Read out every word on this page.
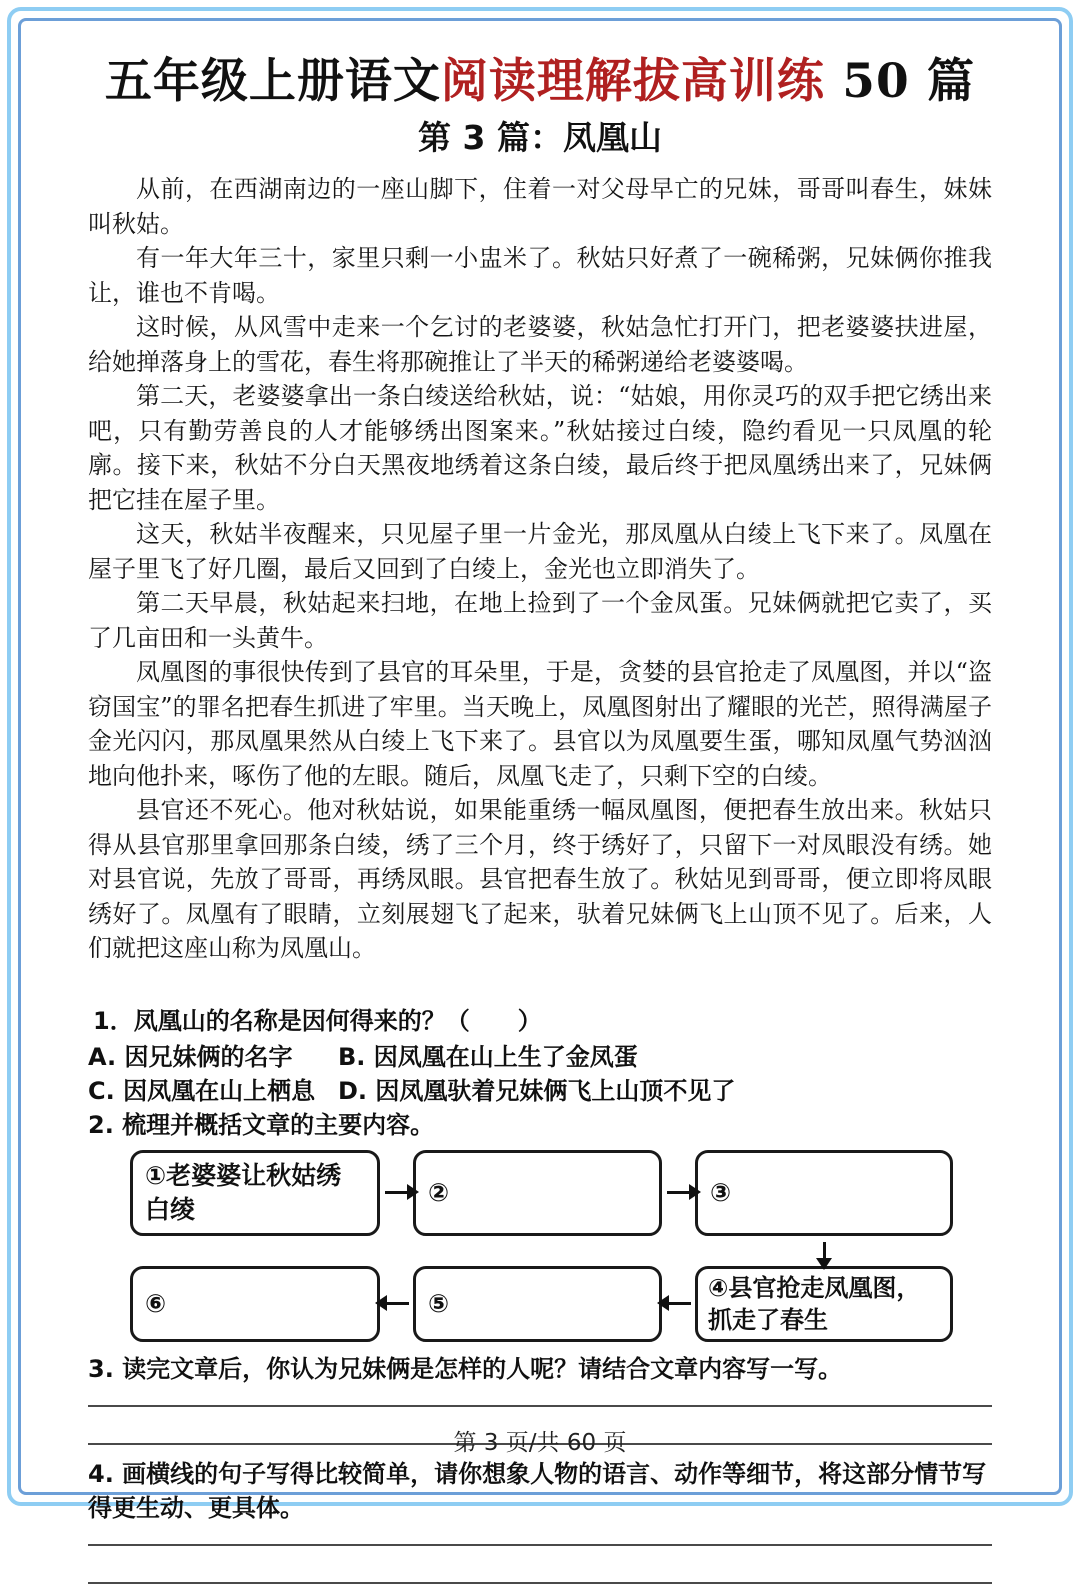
五年级上册语文阅读理解拔高训练 50 篇
第 3 篇：凤凰山

从前，在西湖南边的一座山脚下，住着一对父母早亡的兄妹，哥哥叫春生，妹妹叫秋姑。

有一年大年三十，家里只剩一小盅米了。秋姑只好煮了一碗稀粥，兄妹俩你推我让，谁也不肯喝。

这时候，从风雪中走来一个乞讨的老婆婆，秋姑急忙打开门，把老婆婆扶进屋，给她掸落身上的雪花，春生将那碗推让了半天的稀粥递给老婆婆喝。

第二天，老婆婆拿出一条白绫送给秋姑，说：“姑娘，用你灵巧的双手把它绣出来吧，只有勤劳善良的人才能够绣出图案来。”秋姑接过白绫，隐约看见一只凤凰的轮廓。接下来，秋姑不分白天黑夜地绣着这条白绫，最后终于把凤凰绣出来了，兄妹俩把它挂在屋子里。

这天，秋姑半夜醒来，只见屋子里一片金光，那凤凰从白绫上飞下来了。凤凰在屋子里飞了好几圈，最后又回到了白绫上，金光也立即消失了。

第二天早晨，秋姑起来扫地，在地上捡到了一个金凤蛋。兄妹俩就把它卖了，买了几亩田和一头黄牛。

凤凰图的事很快传到了县官的耳朵里，于是，贪婪的县官抢走了凤凰图，并以“盗窃国宝”的罪名把春生抓进了牢里。当天晚上，凤凰图射出了耀眼的光芒，照得满屋子金光闪闪，那凤凰果然从白绫上飞下来了。县官以为凤凰要生蛋，哪知凤凰气势汹汹地向他扑来，啄伤了他的左眼。随后，凤凰飞走了，只剩下空的白绫。

县官还不死心。他对秋姑说，如果能重绣一幅凤凰图，便把春生放出来。秋姑只得从县官那里拿回那条白绫，绣了三个月，终于绣好了，只留下一对凤眼没有绣。她对县官说，先放了哥哥，再绣凤眼。县官把春生放了。秋姑见到哥哥，便立即将凤眼绣好了。凤凰有了眼睛，立刻展翅飞了起来，驮着兄妹俩飞上山顶不见了。后来，人们就把这座山称为凤凰山。

1．凤凰山的名称是因何得来的？（　　）

A. 因兄妹俩的名字	B. 因凤凰在山上生了金凤蛋
C. 因凤凰在山上栖息 D. 因凤凰驮着兄妹俩飞上山顶不见了

2. 梳理并概括文章的主要内容。

①老婆婆让秋姑绣白绫
②	③
⑥	⑤
④县官抢走凤凰图，抓走了春生

3. 读完文章后，你认为兄妹俩是怎样的人呢？请结合文章内容写一写。

4. 画横线的句子写得比较简单，请你想象人物的语言、动作等细节，将这部分情节写得更生动、更具体。

第 3 页/共 60 页
